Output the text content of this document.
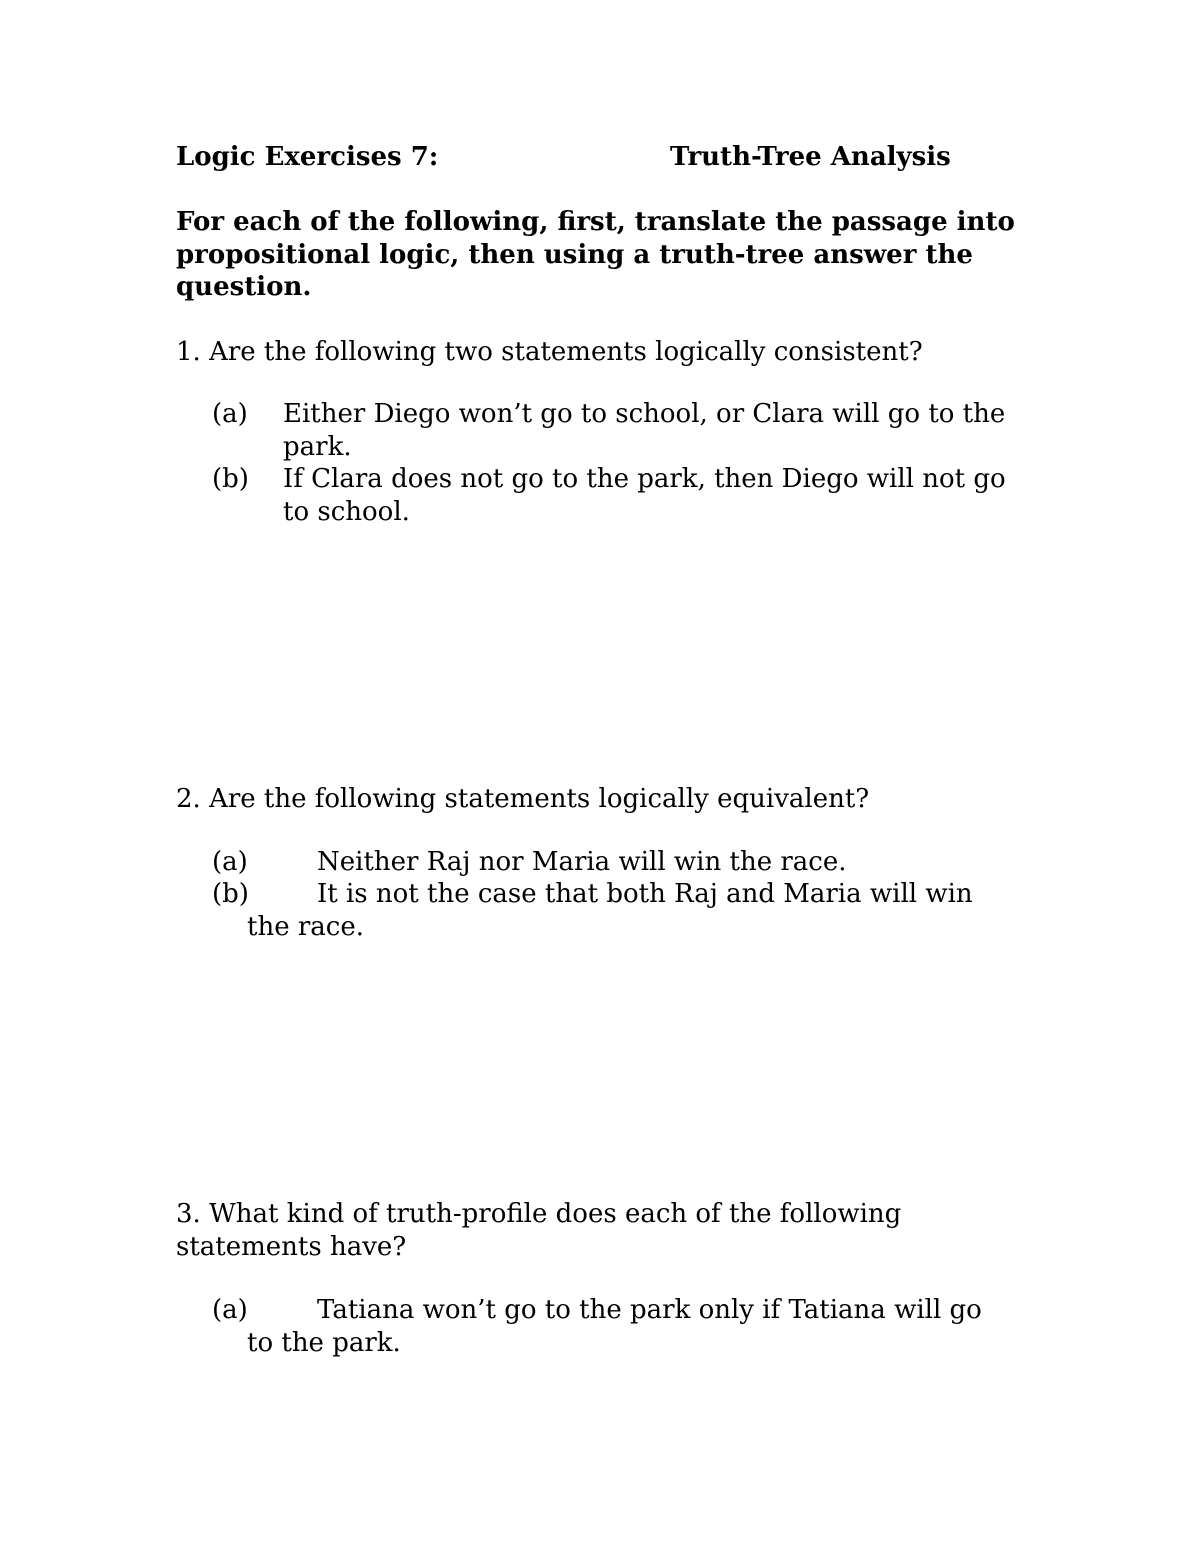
Logic Exercises 7:	Truth-Tree Analysis
For each of the following, first, translate the passage into propositional logic, then using a truth-tree answer the question.
1. Are the following two statements logically consistent?
(a) Either Diego won’t go to school, or Clara will go to the park.
(b) If Clara does not go to the park, then Diego will not go to school.
2. Are the following statements logically equivalent?
(a)	Neither Raj nor Maria will win the race.
(b)	It is not the case that both Raj and Maria will win
the race.
3. What kind of truth-profile does each of the following statements have?
(a)	Tatiana won’t go to the park only if Tatiana will go
to the park.
